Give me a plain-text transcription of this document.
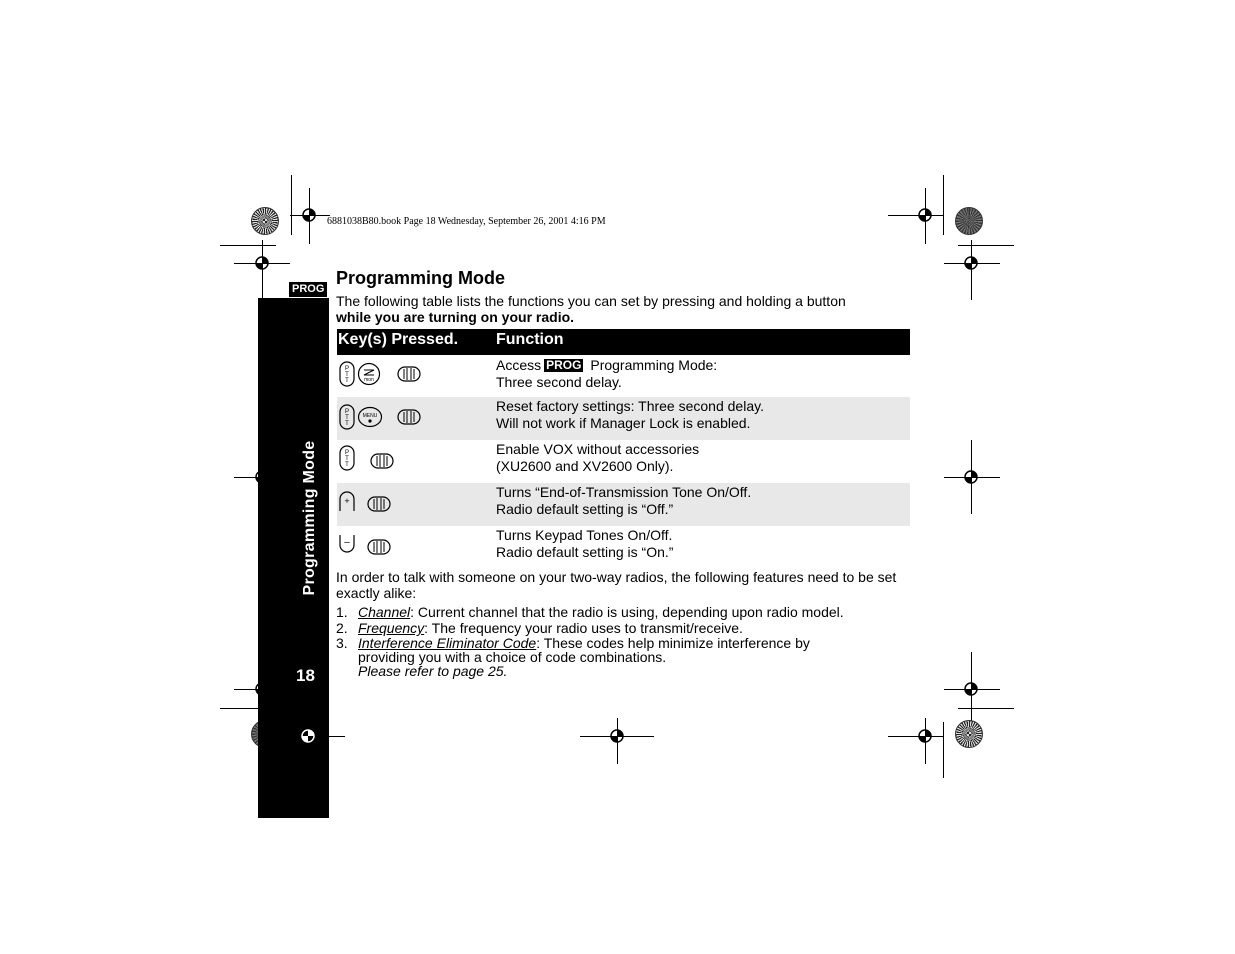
6881038B80.book Page 18 Wednesday, September 26, 2001 4:16 PM
PROG
Programming Mode
18
Programming Mode
The following table lists the functions you can set by pressing and holding a button
while you are turning on your radio.
Key(s) Pressed. Function
P
T
T	mon
Access PROG Programming Mode:
Three second delay.
P
T
T
MENU
Reset factory settings: Three second delay.
Will not work if Manager Lock is enabled.
P
T
T
Enable VOX without accessories
(XU2600 and XV2600 Only).
+
Turns “End-of-Transmission Tone On/Off.
Radio default setting is “Off.”
–	Turns Keypad Tones On/Off.
Radio default setting is “On.”
In order to talk with someone on your two-way radios, the following features need to be set exactly alike:
1. Channel: Current channel that the radio is using, depending upon radio model.
2. Frequency: The frequency your radio uses to transmit/receive.
3. Interference Eliminator Code: These codes help minimize interference by providing you with a choice of code combinations.
Please refer to page 25.
